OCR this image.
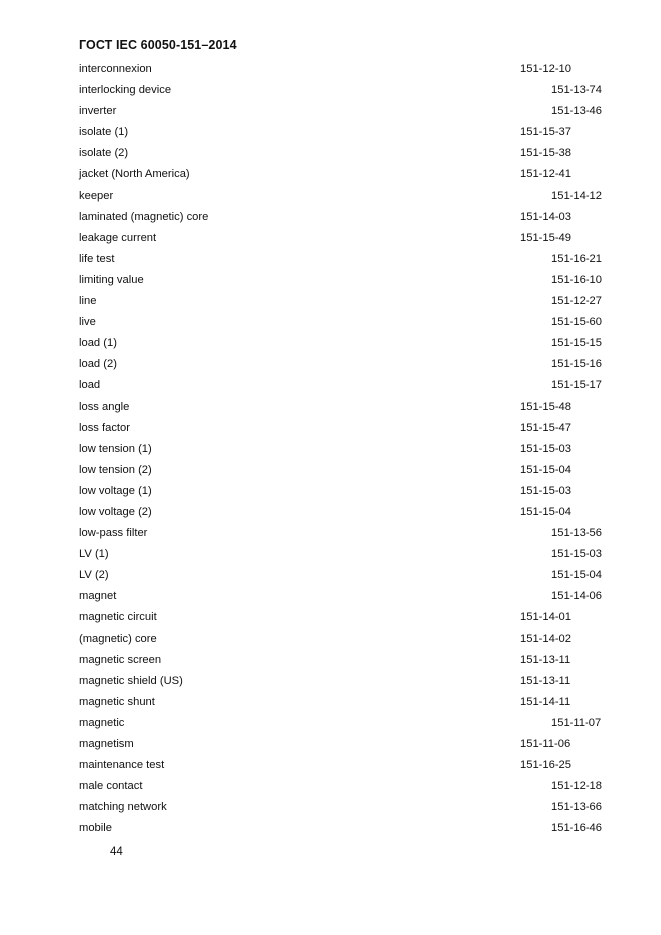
ГОСТ IEC 60050-151–2014
interconnexion	151-12-10
interlocking device	151-13-74
inverter	151-13-46
isolate (1)	151-15-37
isolate (2)	151-15-38
jacket (North America)	151-12-41
keeper	151-14-12
laminated (magnetic) core	151-14-03
leakage current	151-15-49
life test	151-16-21
limiting value	151-16-10
line	151-12-27
live	151-15-60
load (1)	151-15-15
load (2)	151-15-16
load	151-15-17
loss angle	151-15-48
loss factor	151-15-47
low tension (1)	151-15-03
low tension (2)	151-15-04
low voltage (1)	151-15-03
low voltage (2)	151-15-04
low-pass filter	151-13-56
LV (1)	151-15-03
LV (2)	151-15-04
magnet	151-14-06
magnetic circuit	151-14-01
(magnetic) core	151-14-02
magnetic screen	151-13-11
magnetic shield (US)	151-13-11
magnetic shunt	151-14-11
magnetic	151-11-07
magnetism	151-11-06
maintenance test	151-16-25
male contact	151-12-18
matching network	151-13-66
mobile	151-16-46
44
